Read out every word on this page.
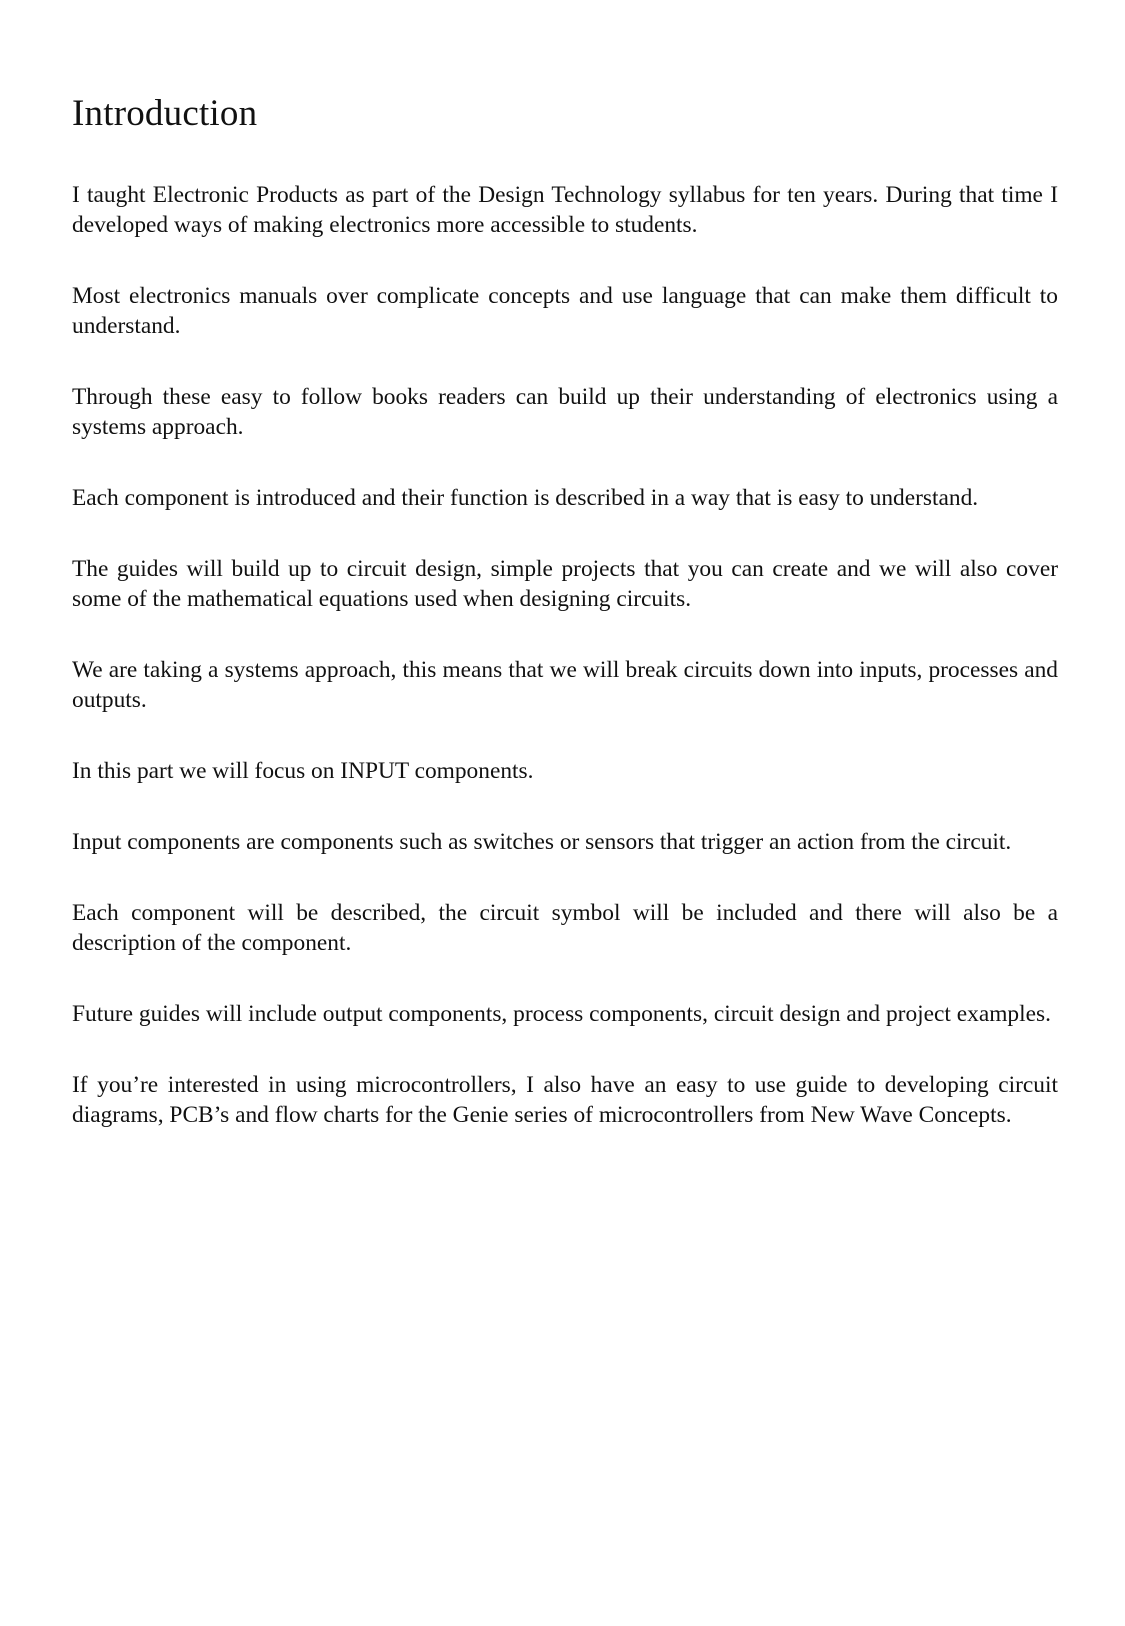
Introduction

I taught Electronic Products as part of the Design Technology syllabus for ten years. During that time I developed ways of making electronics more accessible to students.

Most electronics manuals over complicate concepts and use language that can make them difficult to understand.

Through these easy to follow books readers can build up their understanding of electronics using a systems approach.

Each component is introduced and their function is described in a way that is easy to understand.

The guides will build up to circuit design, simple projects that you can create and we will also cover some of the mathematical equations used when designing circuits.

We are taking a systems approach, this means that we will break circuits down into inputs, processes and outputs.

In this part we will focus on INPUT components.

Input components are components such as switches or sensors that trigger an action from the circuit.

Each component will be described, the circuit symbol will be included and there will also be a description of the component.

Future guides will include output components, process components, circuit design and project examples.

If you’re interested in using microcontrollers, I also have an easy to use guide to developing circuit diagrams, PCB’s and flow charts for the Genie series of microcontrollers from New Wave Concepts.
